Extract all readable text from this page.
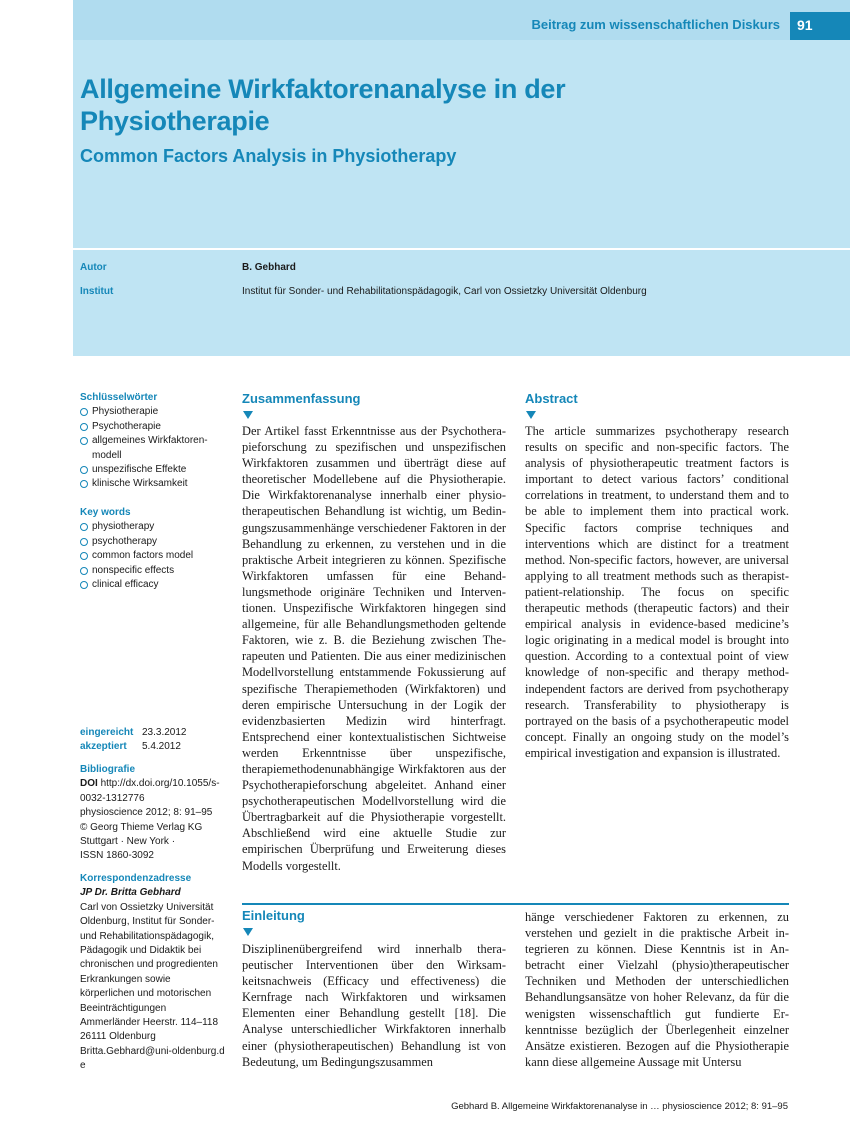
Beitrag zum wissenschaftlichen Diskurs 91
Allgemeine Wirkfaktorenanalyse in der Physiotherapie
Common Factors Analysis in Physiotherapy
Autor	B. Gebhard
Institut	Institut für Sonder- und Rehabilitationspädagogik, Carl von Ossietzky Universität Oldenburg
Schlüsselwörter
Physiotherapie
Psychotherapie
allgemeines Wirkfaktorenmodell
unspezifische Effekte
klinische Wirksamkeit
Key words
physiotherapy
psychotherapy
common factors model
nonspecific effects
clinical efficacy
eingereicht 23.3.2012
akzeptiert 5.4.2012
Bibliografie
DOI http://dx.doi.org/10.1055/s-0032-1312776
physioscience 2012; 8: 91–95
© Georg Thieme Verlag KG Stuttgart · New York ·
ISSN 1860-3092
Korrespondenzadresse
JP Dr. Britta Gebhard
Carl von Ossietzky Universität Oldenburg, Institut für Sonder- und Rehabilitationspädagogik, Pädagogik und Didaktik bei chronischen und progredienten Erkrankungen sowie körperlichen und motorischen Beeinträchtigungen
Ammerländer Heerstr. 114–118
26111 Oldenburg
Britta.Gebhard@uni-oldenburg.de
Zusammenfassung
Der Artikel fasst Erkenntnisse aus der Psychotherapieforschung zu spezifischen und unspezifischen Wirkfaktoren zusammen und überträgt diese auf theoretischer Modellebene auf die Physiotherapie. Die Wirkfaktorenanalyse innerhalb einer physiotherapeutischen Behandlung ist wichtig, um Bedingungszusammenhänge verschiedener Faktoren in der Behandlung zu erkennen, zu verstehen und in die praktische Arbeit integrieren zu können. Spezifische Wirkfaktoren umfassen für eine Behandlungsmethode originäre Techniken und Interventionen. Unspezifische Wirkfaktoren hingegen sind allgemeine, für alle Behandlungsmethoden geltende Faktoren, wie z. B. die Beziehung zwischen Therapeuten und Patienten. Die aus einer medizinischen Modellvorstellung entstammende Fokussierung auf spezifische Therapiemethoden (Wirkfaktoren) und deren empirische Untersuchung in der Logik der evidenzbasierten Medizin wird hinterfragt. Entsprechend einer kontextualistischen Sichtweise werden Erkenntnisse über unspezifische, therapiemethodenunabhängige Wirkfaktoren aus der Psychotherapieforschung abgeleitet. Anhand einer psychotherapeutischen Modellvorstellung wird die Übertragbarkeit auf die Physiotherapie vorgestellt. Abschließend wird eine aktuelle Studie zur empirischen Überprüfung und Erweiterung dieses Modells vorgestellt.
Abstract
The article summarizes psychotherapy research results on specific and non-specific factors. The analysis of physiotherapeutic treatment factors is important to detect various factors’ conditional correlations in treatment, to understand them and to be able to implement them into practical work. Specific factors comprise techniques and interventions which are distinct for a treatment method. Non-specific factors, however, are universal applying to all treatment methods such as therapist-patient-relationship. The focus on specific therapeutic methods (therapeutic factors) and their empirical analysis in evidence-based medicine’s logic originating in a medical model is brought into question. According to a contextual point of view knowledge of non-specific and therapy method-independent factors are derived from psychotherapy research. Transferability to physiotherapy is portrayed on the basis of a psychotherapeutic model concept. Finally an ongoing study on the model’s empirical investigation and expansion is illustrated.
Einleitung
Disziplinenübergreifend wird innerhalb therapeutischer Interventionen über den Wirksamkeitsnachweis (Efficacy und effectiveness) die Kernfrage nach Wirkfaktoren und wirksamen Elementen einer Behandlung gestellt [18]. Die Analyse unterschiedlicher Wirkfaktoren innerhalb einer (physiotherapeutischen) Behandlung ist von Bedeutung, um Bedingungszusammen
hänge verschiedener Faktoren zu erkennen, zu verstehen und gezielt in die praktische Arbeit integrieren zu können. Diese Kenntnis ist in Anbetracht einer Vielzahl (physio)therapeutischer Techniken und Methoden der unterschiedlichen Behandlungsansätze von hoher Relevanz, da für die wenigsten wissenschaftlich gut fundierte Erkenntnisse bezüglich der Überlegenheit einzelner Ansätze existieren. Bezogen auf die Physiotherapie kann diese allgemeine Aussage mit Untersu
Gebhard B. Allgemeine Wirkfaktorenanalyse in … physioscience 2012; 8: 91–95
